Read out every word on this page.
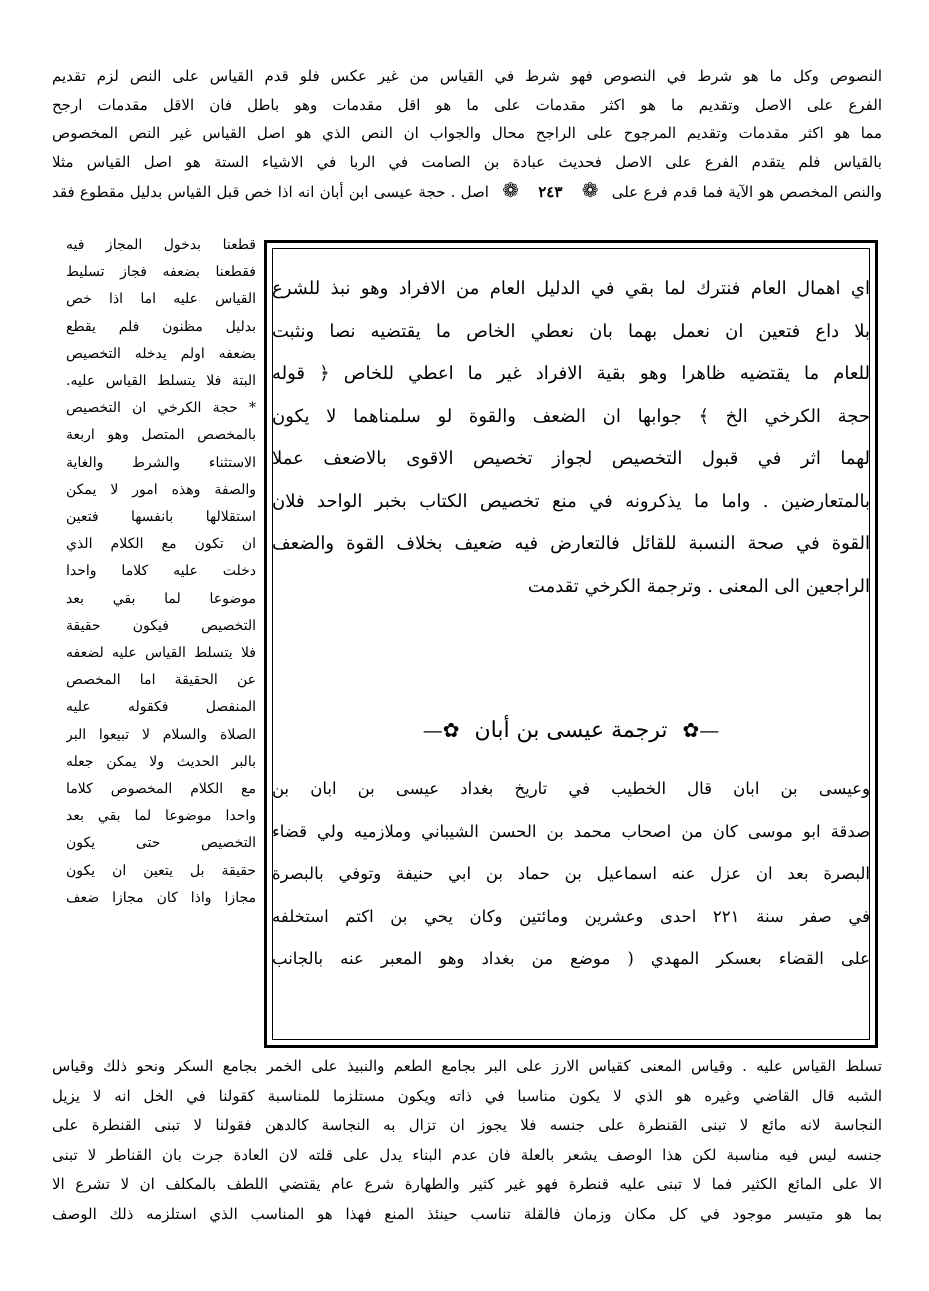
النصوص وكل ما هو شرط في النصوص فهو شرط في القياس من غير عكس فلو قدم القياس على النص لزم تقديم

الفرع على الاصل وتقديم ما هو اكثر مقدمات على ما هو اقل مقدمات وهو باطل فان الاقل مقدمات ارجح

مما هو اكثر مقدمات وتقديم المرجوح على الراجح محال والجواب ان النص الذي هو اصل القياس غير النص المخصوص

بالقياس فلم يتقدم الفرع على الاصل فحديث عبادة بن الصامت في الربا في الاشياء الستة هو اصل القياس مثلا

والنص المخصص هو الآية فما قدم فرع على ❁ ٢٤٣ ❁ اصل . حجة عيسى ابن أبان انه اذا خص قبل القياس بدليل مقطوع فقد

قطعنا بدخول المجاز فيه

فقطعنا بضعفه فجاز تسليط

القياس عليه اما اذا خص

بدليل مظنون فلم يقطع

بضعفه اولم يدخله التخصيص

البتة فلا يتسلط القياس عليه.

* حجة الكرخي ان التخصيص

بالمخصص المتصل وهو اربعة

الاستثناء والشرط والغاية

والصفة وهذه امور لا يمكن

استقلالها بانفسها فتعين

ان تكون مع الكلام الذي

دخلت عليه كلاما واحدا

موضوعا لما بقي بعد

التخصيص فيكون حقيقة

فلا يتسلط القياس عليه لضعفه

عن الحقيقة اما المخصص

المنفصل فكقوله عليه

الصلاة والسلام لا تبيعوا البر

بالبر الحديث ولا يمكن جعله

مع الكلام المخصوص كلاما

واحدا موضوعا لما بقي بعد

التخصيص حتى يكون

حقيقة بل يتعين ان يكون

مجازا واذا كان مجازا ضعف

اي اهمال العام فنترك لما بقي في الدليل العام من الافراد وهو نبذ للشرع

بلا داع فتعين ان نعمل بهما بان نعطي الخاص ما يقتضيه نصا ونثبت

للعام ما يقتضيه ظاهرا وهو بقية الافراد غير ما اعطي للخاص ﴿ قوله

حجة الكرخي الخ ﴾ جوابها ان الضعف والقوة لو سلمناهما لا يكون

لهما اثر في قبول التخصيص لجواز تخصيص الاقوى بالاضعف عملا

بالمتعارضين . واما ما يذكرونه في منع تخصيص الكتاب بخبر الواحد فلان

القوة في صحة النسبة للقائل فالتعارض فيه ضعيف بخلاف القوة والضعف

الراجعين الى المعنى . وترجمة الكرخي تقدمت

—✿ ترجمة عيسى بن أبان ✿—

وعيسى بن ابان قال الخطيب في تاريخ بغداد عيسى بن ابان بن

صدقة ابو موسى كان من اصحاب محمد بن الحسن الشيباني وملازميه ولي قضاء

البصرة بعد ان عزل عنه اسماعيل بن حماد بن ابي حنيفة وتوفي بالبصرة

في صفر سنة ٢٢١ احدى وعشرين ومائتين وكان يحي بن اكتم استخلفه

على القضاء بعسكر المهدي ( موضع من بغداد وهو المعبر عنه بالجانب

تسلط القياس عليه . وقياس المعنى كقياس الارز على البر بجامع الطعم والنبيذ على الخمر بجامع السكر ونحو ذلك وقياس

الشبه قال القاضي وغيره هو الذي لا يكون مناسبا في ذاته ويكون مستلزما للمناسبة كقولنا في الخل انه لا يزيل

النجاسة لانه مائع لا تبنى القنطرة على جنسه فلا يجوز ان تزال به النجاسة كالدهن فقولنا لا تبنى القنطرة على

جنسه ليس فيه مناسبة لكن هذا الوصف يشعر بالعلة فان عدم البناء يدل على قلته لان العادة جرت بان القناطر لا تبنى

الا على المائع الكثير فما لا تبنى عليه قنطرة فهو غير كثير والطهارة شرع عام يقتضي اللطف بالمكلف ان لا تشرع الا

بما هو متيسر موجود في كل مكان وزمان فالقلة تناسب حينئذ المنع فهذا هو المناسب الذي استلزمه ذلك الوصف
